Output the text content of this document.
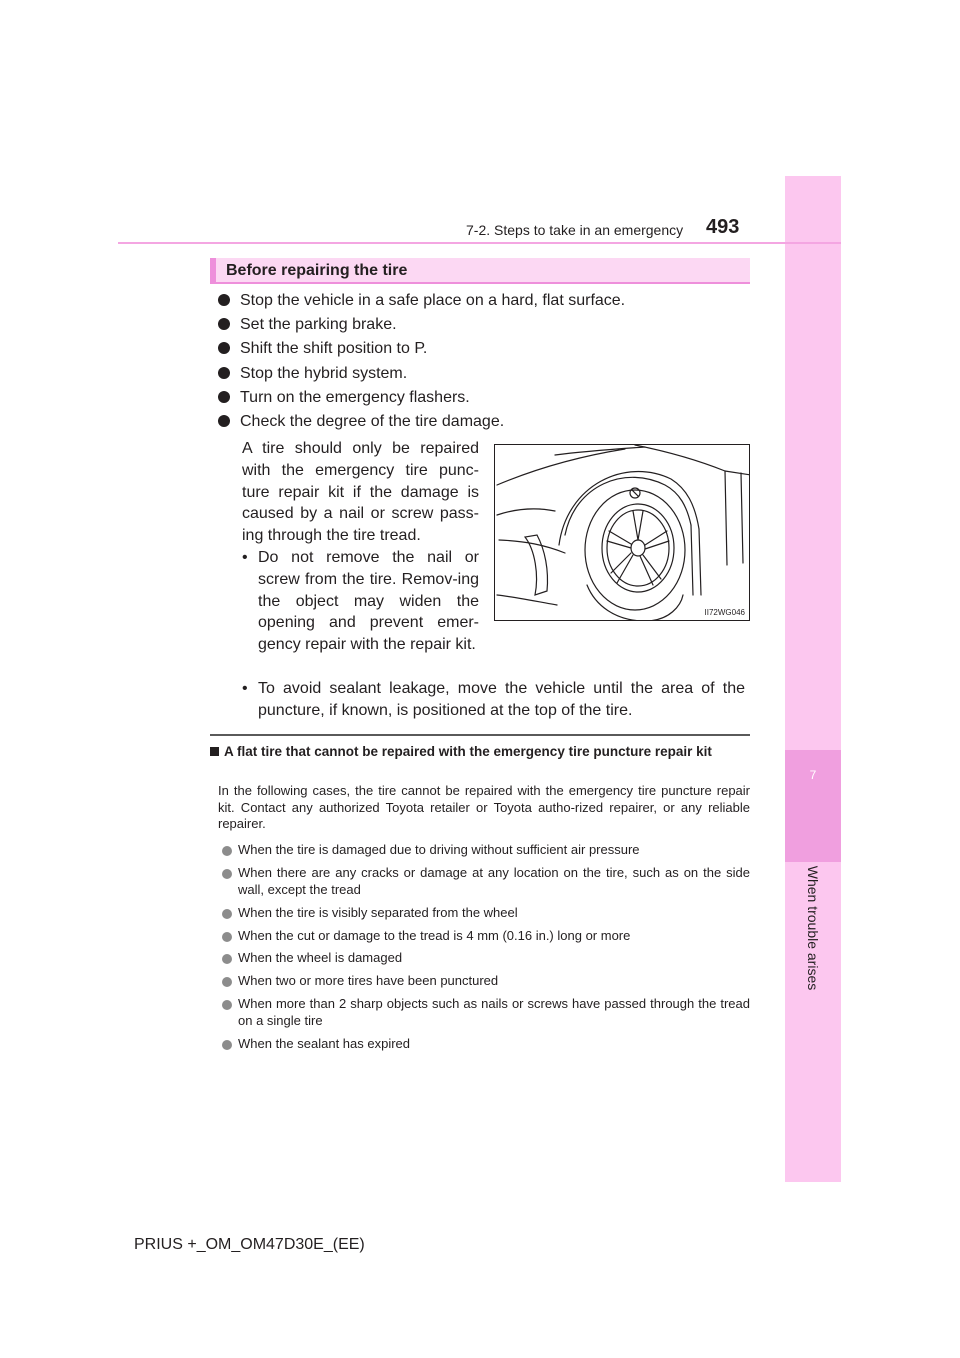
7
When trouble arises
7-2. Steps to take in an emergency 493
Before repairing the tire
Stop the vehicle in a safe place on a hard, flat surface.
Set the parking brake.
Shift the shift position to P.
Stop the hybrid system.
Turn on the emergency flashers.
Check the degree of the tire damage.

A tire should only be repaired with the emergency tire punc-ture repair kit if the damage is caused by a nail or screw pass-ing through the tire tread.

• Do not remove the nail or screw from the tire. Remov-ing the object may widen the opening and prevent emer-gency repair with the repair kit.

• To avoid sealant leakage, move the vehicle until the area of the puncture, if known, is positioned at the top of the tire.

II72WG046

A flat tire that cannot be repaired with the emergency tire puncture repair kit

In the following cases, the tire cannot be repaired with the emergency tire puncture repair kit. Contact any authorized Toyota retailer or Toyota autho-rized repairer, or any reliable repairer.

When the tire is damaged due to driving without sufficient air pressure

When there are any cracks or damage at any location on the tire, such as on the side wall, except the tread

When the tire is visibly separated from the wheel

When the cut or damage to the tread is 4 mm (0.16 in.) long or more

When the wheel is damaged

When two or more tires have been punctured

When more than 2 sharp objects such as nails or screws have passed through the tread on a single tire

When the sealant has expired

PRIUS +_OM_OM47D30E_(EE)
